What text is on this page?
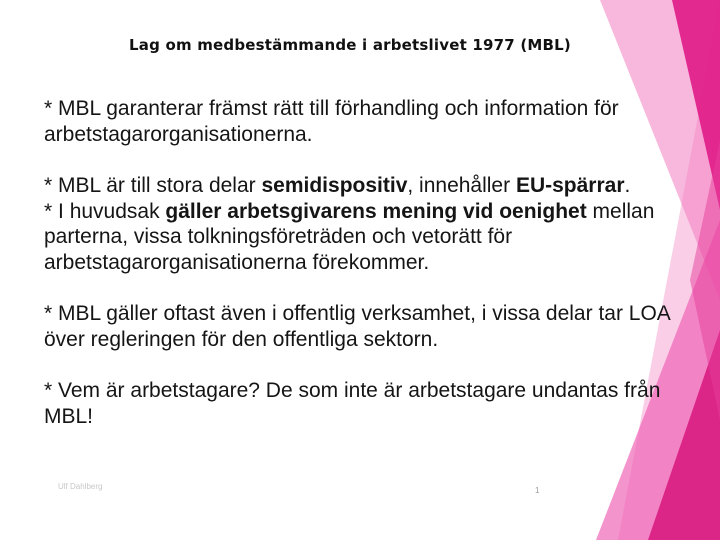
Lag om medbestämmande i arbetslivet 1977 (MBL)

* MBL garanterar främst rätt till förhandling och information för arbetstagarorganisationerna.

* MBL är till stora delar semidispositiv, innehåller EU-spärrar.

* I huvudsak gäller arbetsgivarens mening vid oenighet mellan parterna, vissa tolkningsföreträden och vetorätt för arbetstagarorganisationerna förekommer.

* MBL gäller oftast även i offentlig verksamhet, i vissa delar tar LOA över regleringen för den offentliga sektorn.

* Vem är arbetstagare? De som inte är arbetstagare undantas från MBL!

Ulf Dahlberg	1
